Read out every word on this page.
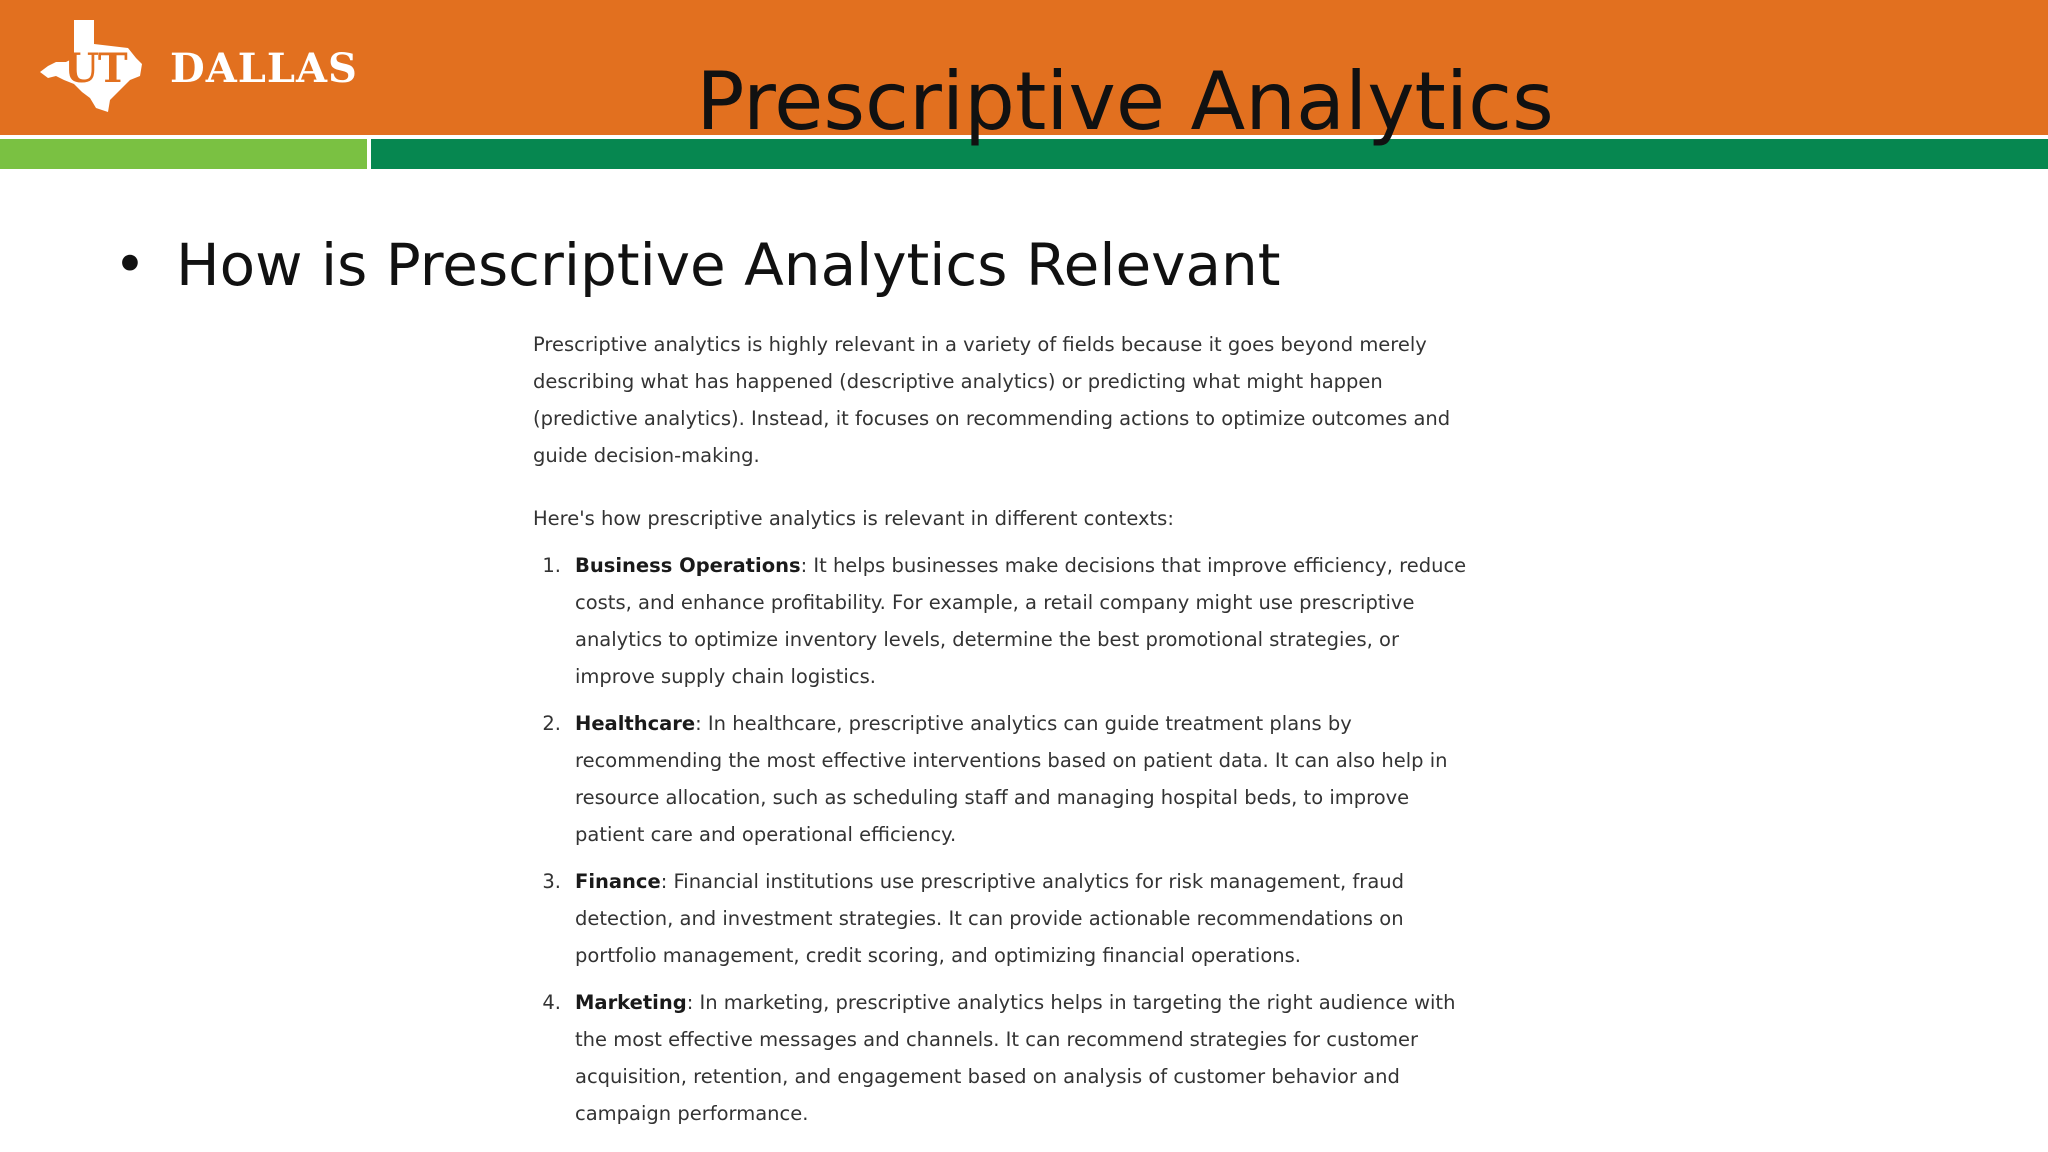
UT DALLAS	Prescriptive Analytics
• How is Prescriptive Analytics Relevant

Prescriptive analytics is highly relevant in a variety of fields because it goes beyond merely describing what has happened (descriptive analytics) or predicting what might happen (predictive analytics). Instead, it focuses on recommending actions to optimize outcomes and guide decision-making.

Here's how prescriptive analytics is relevant in different contexts:

1. Business Operations: It helps businesses make decisions that improve efficiency, reduce costs, and enhance profitability. For example, a retail company might use prescriptive analytics to optimize inventory levels, determine the best promotional strategies, or improve supply chain logistics.
2. Healthcare: In healthcare, prescriptive analytics can guide treatment plans by recommending the most effective interventions based on patient data. It can also help in resource allocation, such as scheduling staff and managing hospital beds, to improve patient care and operational efficiency.
3. Finance: Financial institutions use prescriptive analytics for risk management, fraud detection, and investment strategies. It can provide actionable recommendations on portfolio management, credit scoring, and optimizing financial operations.
4. Marketing: In marketing, prescriptive analytics helps in targeting the right audience with the most effective messages and channels. It can recommend strategies for customer acquisition, retention, and engagement based on analysis of customer behavior and campaign performance.
